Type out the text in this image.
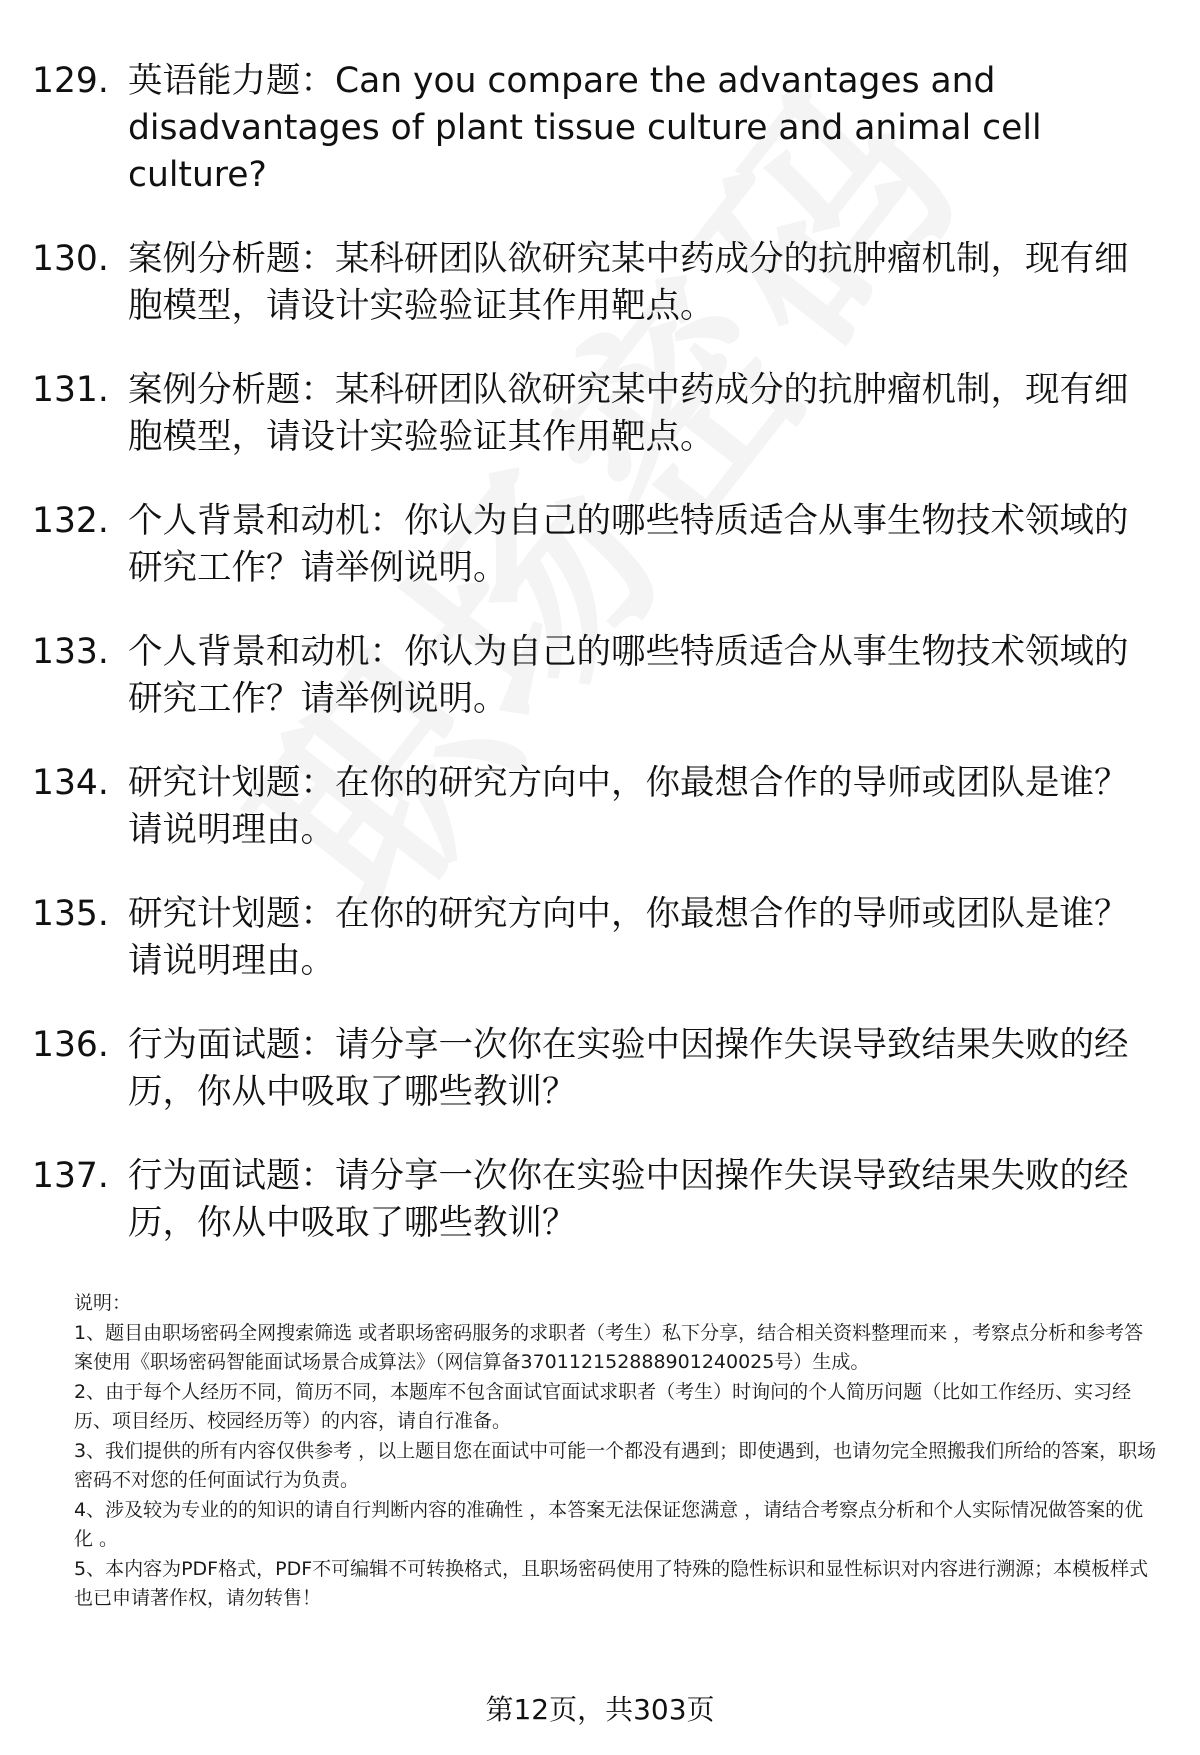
129. 英语能力题：Can you compare the advantages and disadvantages of plant tissue culture and animal cell culture?
130. 案例分析题：某科研团队欲研究某中药成分的抗肿瘤机制，现有细胞模型，请设计实验验证其作用靶点。
131. 案例分析题：某科研团队欲研究某中药成分的抗肿瘤机制，现有细胞模型，请设计实验验证其作用靶点。
132. 个人背景和动机：你认为自己的哪些特质适合从事生物技术领域的研究工作？请举例说明。
133. 个人背景和动机：你认为自己的哪些特质适合从事生物技术领域的研究工作？请举例说明。
134. 研究计划题：在你的研究方向中，你最想合作的导师或团队是谁？请说明理由。
135. 研究计划题：在你的研究方向中，你最想合作的导师或团队是谁？请说明理由。
136. 行为面试题：请分享一次你在实验中因操作失误导致结果失败的经历，你从中吸取了哪些教训？
137. 行为面试题：请分享一次你在实验中因操作失误导致结果失败的经历，你从中吸取了哪些教训？

说明：

1、题目由职场密码全网搜索筛选 或者职场密码服务的求职者（考生）私下分享，结合相关资料整理而来 ，考察点分析和参考答案使用《职场密码智能面试场景合成算法》（网信算备370112152888901240025号）生成。

2、由于每个人经历不同，简历不同，本题库不包含面试官面试求职者（考生）时询问的个人简历问题（比如工作经历、实习经历、项目经历、校园经历等）的内容，请自行准备。

3、我们提供的所有内容仅供参考 ，以上题目您在面试中可能一个都没有遇到；即使遇到，也请勿完全照搬我们所给的答案，职场密码不对您的任何面试行为负责。

4、涉及较为专业的的知识的请自行判断内容的准确性 ，本答案无法保证您满意 ，请结合考察点分析和个人实际情况做答案的优化 。

5、本内容为PDF格式，PDF不可编辑不可转换格式，且职场密码使用了特殊的隐性标识和显性标识对内容进行溯源；本模板样式也已申请著作权，请勿转售！

第12页，共303页
